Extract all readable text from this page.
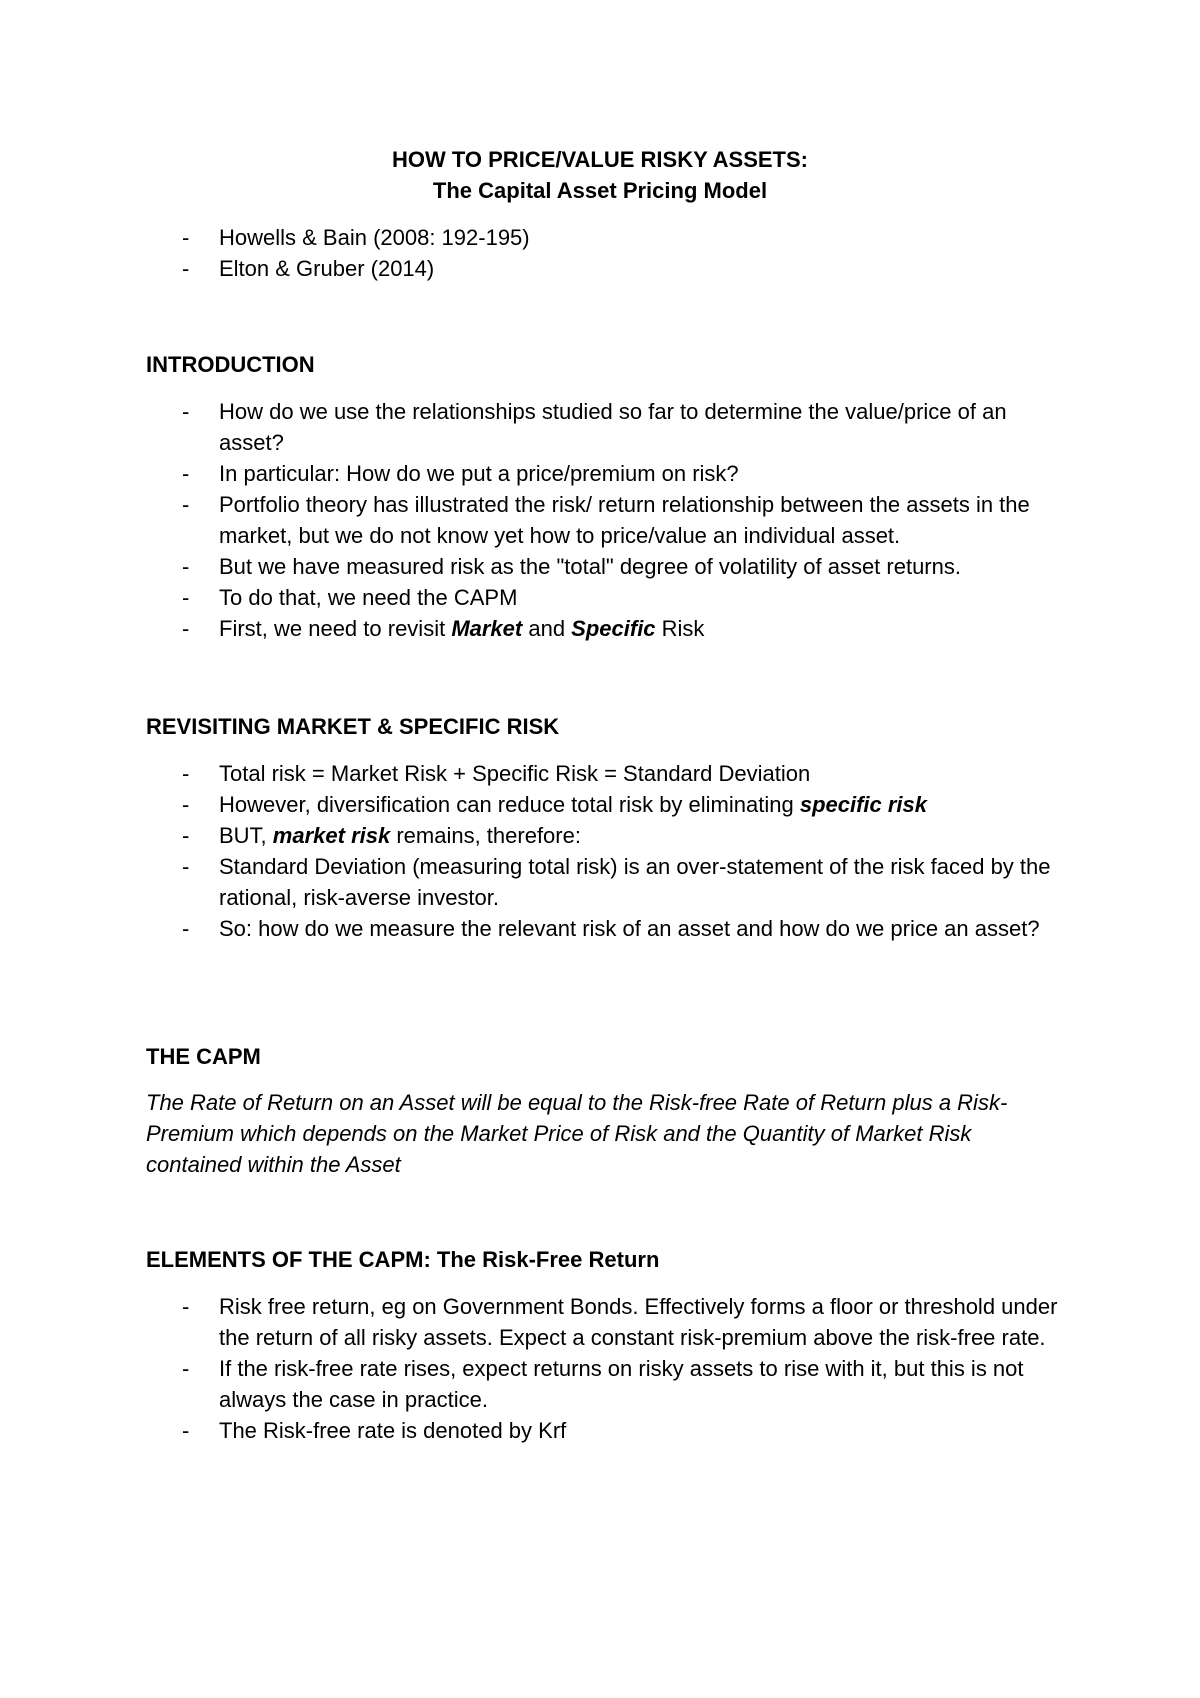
HOW TO PRICE/VALUE RISKY ASSETS:
The Capital Asset Pricing Model
- Howells & Bain (2008: 192-195)
- Elton & Gruber (2014)
INTRODUCTION
- How do we use the relationships studied so far to determine the value/price of an asset?
- In particular: How do we put a price/premium on risk?
- Portfolio theory has illustrated the risk/ return relationship between the assets in the market, but we do not know yet how to price/value an individual asset.
- But we have measured risk as the "total" degree of volatility of asset returns.
- To do that, we need the CAPM
- First, we need to revisit Market and Specific Risk
REVISITING MARKET & SPECIFIC RISK
- Total risk = Market Risk + Specific Risk = Standard Deviation
- However, diversification can reduce total risk by eliminating specific risk
- BUT, market risk remains, therefore:
- Standard Deviation (measuring total risk) is an over-statement of the risk faced by the rational, risk-averse investor.
- So: how do we measure the relevant risk of an asset and how do we price an asset?
THE CAPM

The Rate of Return on an Asset will be equal to the Risk-free Rate of Return plus a Risk-Premium which depends on the Market Price of Risk and the Quantity of Market Risk contained within the Asset

ELEMENTS OF THE CAPM: The Risk-Free Return
- Risk free return, eg on Government Bonds. Effectively forms a floor or threshold under the return of all risky assets. Expect a constant risk-premium above the risk-free rate.
- If the risk-free rate rises, expect returns on risky assets to rise with it, but this is not always the case in practice.
- The Risk-free rate is denoted by Krf
